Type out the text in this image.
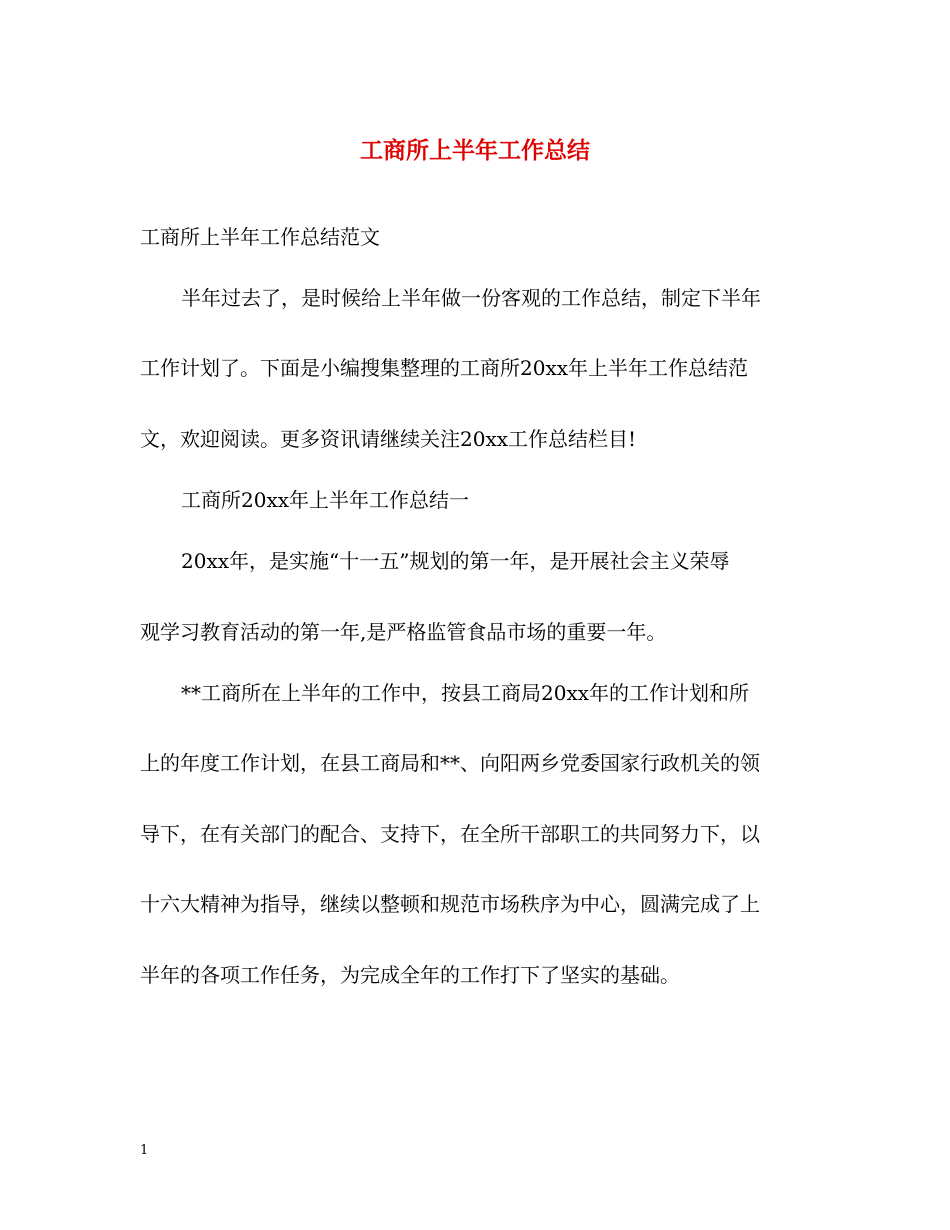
工商所上半年工作总结
工商所上半年工作总结范文
半年过去了，是时候给上半年做一份客观的工作总结，制定下半年
工作计划了。下面是小编搜集整理的工商所20xx年上半年工作总结范
文，欢迎阅读。更多资讯请继续关注20xx工作总结栏目!
工商所20xx年上半年工作总结一
20xx年，是实施“十一五”规划的第一年，是开展社会主义荣辱
观学习教育活动的第一年,是严格监管食品市场的重要一年。
**工商所在上半年的工作中，按县工商局20xx年的工作计划和所
上的年度工作计划，在县工商局和**、向阳两乡党委国家行政机关的领
导下，在有关部门的配合、支持下，在全所干部职工的共同努力下，以
十六大精神为指导，继续以整顿和规范市场秩序为中心，圆满完成了上
半年的各项工作任务，为完成全年的工作打下了坚实的基础。
1
